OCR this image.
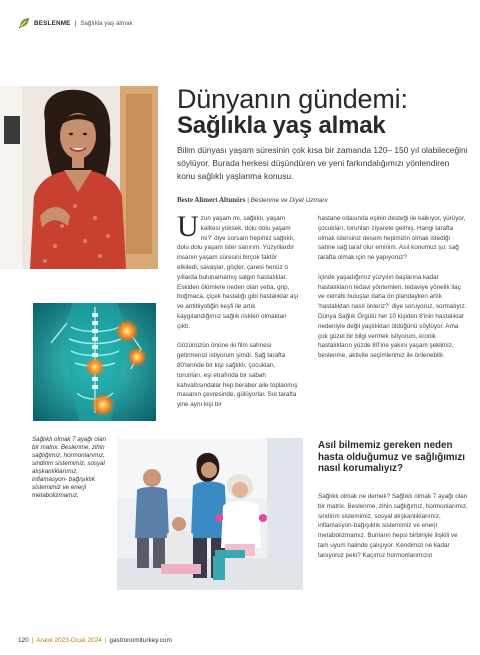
BESLENME | Sağlıkla yaş almak
Dünyanın gündemi:
Sağlıkla yaş almak

Bilim dünyası yaşam süresinin çok kısa bir zamanda 120– 150 yıl olabileceğini söylüyor. Burada herkesi düşündüren ve yeni farkındalığımızı yönlendiren konu sağlıklı yaşlanma konusu.

Beste Alimert Altunörs | Beslenme ve Diyet Uzmanı

Uzun yaşam mı, sağlıklı, yaşam kalitesi yüksek, dolu dolu yaşam mı?' diye sorsam hepimiz sağlıklı, dolu dolu yaşam ister sanırım. Yüzyıllardır insanın yaşam süresini birçok faktör etkiledi, savaşlar, göçler, çaresi henüz o yıllarda bulunamamış salgın hastalıklar. Eskiden ölümlere neden olan veba, grip, boğmaca, çiçek hastalığı gibi hastalıklar aşı ve antibiyotiğin keşfi ile artık kaygılandığımız sağlık riskleri olmaktan çıktı.

Gözünüzün önüne iki film sahnesi getirmenizi istiyorum şimdi. Sağ tarafta 80'lerinde bir kişi sağlıklı, çocukları, torunları, eşi etrafında bir sabah kahvaltısındalar hep beraber aile toplanmış masanın çevresinde, gülüyorlar. Sol tarafta yine aynı kişi bir

hastane odasında eşinin desteği ile kalkıyor, yürüyor, çocukları, torunları ziyarete gelmiş. Hangi tarafta olmak istersiniz desem hepimizin olmak istediği sahne sağ taraf olur eminim. Asıl konumuz şu; sağ tarafta olmak için ne yapıyoruz?

İçinde yaşadığımız yüzyılın başlarına kadar hastalıkların tedavi yöntemleri, tedaviye yönelik ilaç ve cerrahi buluşlar daha ön plandayken artık 'hastalıktan nasıl önleriz?' diye soruyoruz, sormalıyız. Dünya Sağlık Örgütü her 10 kişiden 8'inin hastalıklar nedeniyle değil yaşlılıktan öldüğünü söylüyor. Ama çok güzel bir bilgi vermek istiyorum, kronik hastalıkların yüzde 80'ine yakını yaşam şeklimiz, beslenme, aktivite seçimlerimiz ile önlenebilir.

Sağlıklı olmak 7 ayağı olan bir matrix. Beslenme, zihin sağlığımız, hormonlarımız, sindirim sistemimiz, sosyal alışkanlıklarımız, inflamasyon- bağışıklık sistemimiz ve enerji metabolizmamız.

Asıl bilmemiz gereken neden hasta olduğumuz ve sağlığımızı nasıl korumalıyız?

Sağlıklı olmak ne demek? Sağlıklı olmak 7 ayağı olan bir matrix. Beslenme, zihin sağlığımız, hormonlarımız, sindirim sistemimiz, sosyal alışkanlıklarımız, inflamasyon-bağışıklık sistemimiz ve enerji metabolizmamız. Bunların hepsi birbiriyle ilişkili ve tam uyum halinde çalışıyor. Kendimizi ne kadar tanıyoruz peki? Kaçımız hormonlarımızın

120 | Aralık 2023-Ocak 2024 | gastronomiturkey.com
